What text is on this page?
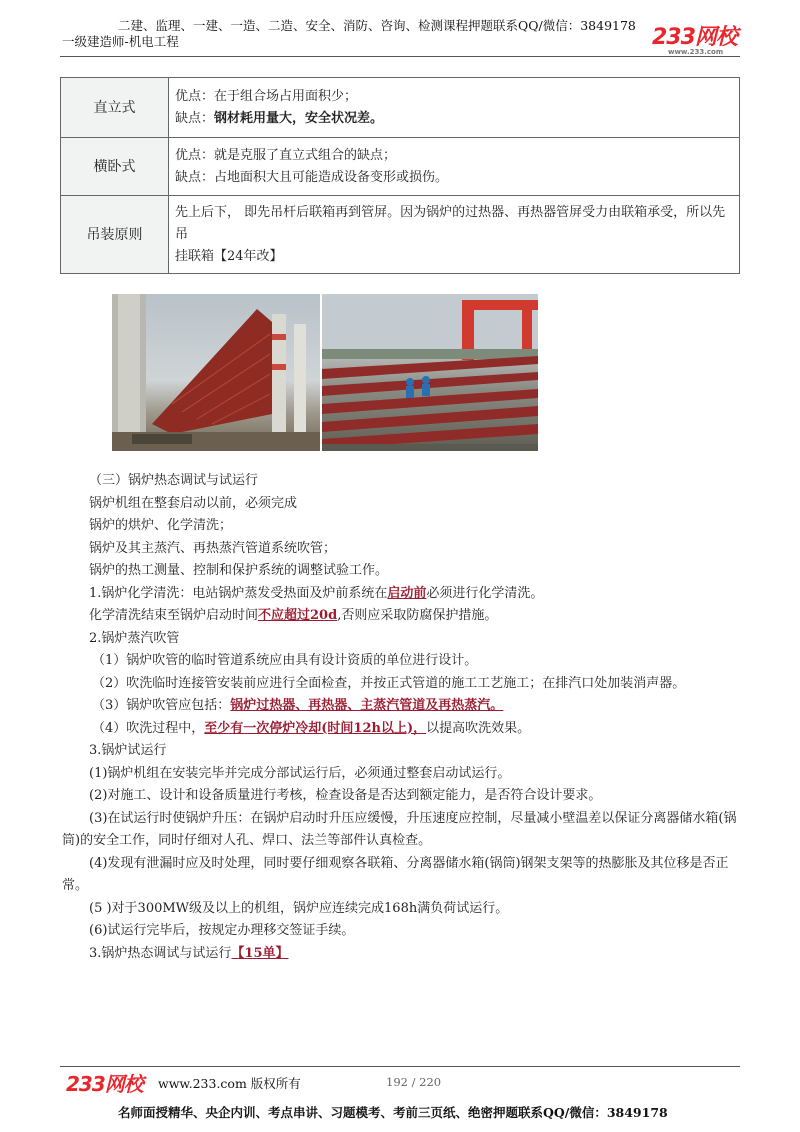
二建、监理、一建、一造、二造、安全、消防、咨询、检测课程押题联系QQ/微信：3849178
一级建造师-机电工程	233网校
www.233.com
直立式	优点：在于组合场占用面积少；
缺点：钢材耗用量大，安全状况差。

横卧式	优点：就是克服了直立式组合的缺点；
缺点：占地面积大且可能造成设备变形或损伤。

吊装原则	先上后下， 即先吊杆后联箱再到管屏。因为锅炉的过热器、再热器管屏受力由联箱承受，所以先吊
挂联箱【24年改】

（三）锅炉热态调试与试运行

锅炉机组在整套启动以前，必须完成

锅炉的烘炉、化学清洗；

锅炉及其主蒸汽、再热蒸汽管道系统吹管；

锅炉的热工测量、控制和保护系统的调整试验工作。

1.锅炉化学清洗：电站锅炉蒸发受热面及炉前系统在启动前必须进行化学清洗。

化学清洗结束至锅炉启动时间不应超过20d,否则应采取防腐保护措施。

2.锅炉蒸汽吹管

（1）锅炉吹管的临时管道系统应由具有设计资质的单位进行设计。

（2）吹洗临时连接管安装前应进行全面检查，并按正式管道的施工工艺施工；在排汽口处加装消声器。

（3）锅炉吹管应包括：锅炉过热器、再热器、主蒸汽管道及再热蒸汽。

（4）吹洗过程中，至少有一次停炉冷却(时间12h以上)，以提高吹洗效果。

3.锅炉试运行

(1)锅炉机组在安装完毕并完成分部试运行后，必须通过整套启动试运行。

(2)对施工、设计和设备质量进行考核，检查设备是否达到额定能力，是否符合设计要求。

(3)在试运行时使锅炉升压：在锅炉启动时升压应缓慢，升压速度应控制，尽量减小壁温差以保证分离器储水箱(锅筒)的安全工作，同时仔细对人孔、焊口、法兰等部件认真检查。

(4)发现有泄漏时应及时处理，同时要仔细观察各联箱、分离器储水箱(锅筒)钢架支架等的热膨胀及其位移是否正常。

(5 )对于300MW级及以上的机组，锅炉应连续完成168h满负荷试运行。

(6)试运行完毕后，按规定办理移交签证手续。

3.锅炉热态调试与试运行【15单】

233网校 www.233.com 版权所有	192 / 220
名师面授精华、央企内训、考点串讲、习题模考、考前三页纸、绝密押题联系QQ/微信：3849178
